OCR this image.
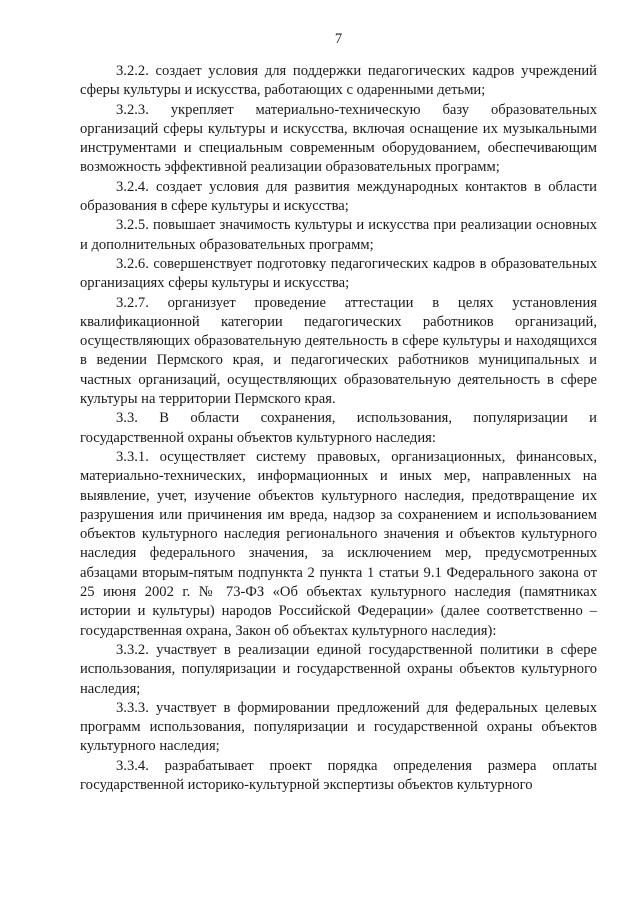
7

3.2.2. создает условия для поддержки педагогических кадров учреждений сферы культуры и искусства, работающих с одаренными детьми;

3.2.3. укрепляет материально-техническую базу образовательных организаций сферы культуры и искусства, включая оснащение их музыкальными инструментами и специальным современным оборудованием, обеспечивающим возможность эффективной реализации образовательных программ;

3.2.4. создает условия для развития международных контактов в области образования в сфере культуры и искусства;

3.2.5. повышает значимость культуры и искусства при реализации основных и дополнительных образовательных программ;

3.2.6. совершенствует подготовку педагогических кадров в образовательных организациях сферы культуры и искусства;

3.2.7. организует проведение аттестации в целях установления квалификационной категории педагогических работников организаций, осуществляющих образовательную деятельность в сфере культуры и находящихся в ведении Пермского края, и педагогических работников муниципальных и частных организаций, осуществляющих образовательную деятельность в сфере культуры на территории Пермского края.

3.3. В области сохранения, использования, популяризации и государственной охраны объектов культурного наследия:

3.3.1. осуществляет систему правовых, организационных, финансовых, материально-технических, информационных и иных мер, направленных на выявление, учет, изучение объектов культурного наследия, предотвращение их разрушения или причинения им вреда, надзор за сохранением и использованием объектов культурного наследия регионального значения и объектов культурного наследия федерального значения, за исключением мер, предусмотренных абзацами вторым-пятым подпункта 2 пункта 1 статьи 9.1 Федерального закона от 25 июня 2002 г. № 73-ФЗ «Об объектах культурного наследия (памятниках истории и культуры) народов Российской Федерации» (далее соответственно – государственная охрана, Закон об объектах культурного наследия):

3.3.2. участвует в реализации единой государственной политики в сфере использования, популяризации и государственной охраны объектов культурного наследия;

3.3.3. участвует в формировании предложений для федеральных целевых программ использования, популяризации и государственной охраны объектов культурного наследия;

3.3.4. разрабатывает проект порядка определения размера оплаты государственной историко-культурной экспертизы объектов культурного
